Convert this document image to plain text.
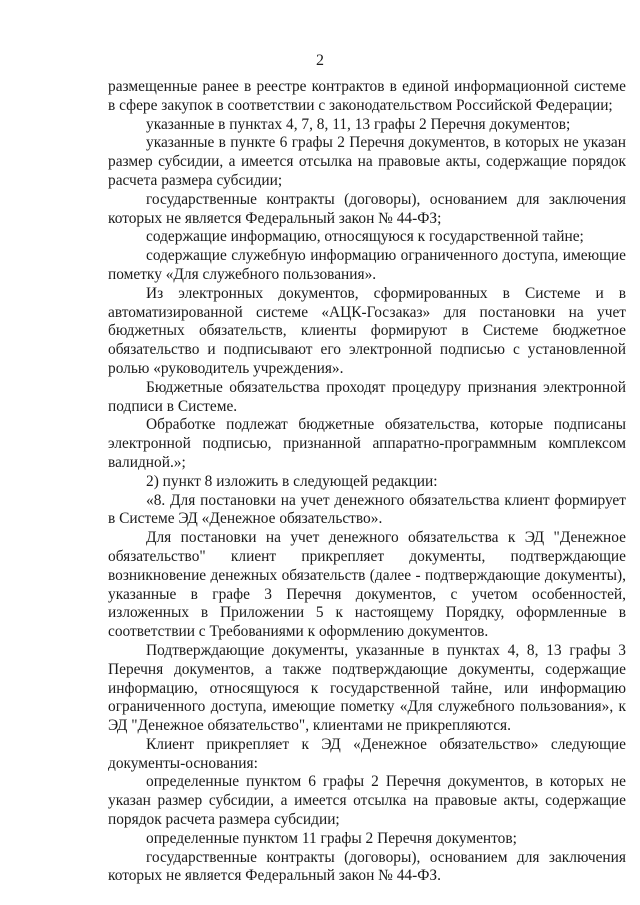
2

размещенные ранее в реестре контрактов в единой информационной системе в сфере закупок в соответствии с законодательством Российской Федерации;

указанные в пунктах 4, 7, 8, 11, 13 графы 2 Перечня документов;

указанные в пункте 6 графы 2 Перечня документов, в которых не указан размер субсидии, а имеется отсылка на правовые акты, содержащие порядок расчета размера субсидии;

государственные контракты (договоры), основанием для заключения которых не является Федеральный закон № 44-ФЗ;

содержащие информацию, относящуюся к государственной тайне;

содержащие служебную информацию ограниченного доступа, имеющие пометку «Для служебного пользования».

Из электронных документов, сформированных в Системе и в автоматизированной системе «АЦК-Госзаказ» для постановки на учет бюджетных обязательств, клиенты формируют в Системе бюджетное обязательство и подписывают его электронной подписью с установленной ролью «руководитель учреждения».

Бюджетные обязательства проходят процедуру признания электронной подписи в Системе.

Обработке подлежат бюджетные обязательства, которые подписаны электронной подписью, признанной аппаратно-программным комплексом валидной.»;

2) пункт 8 изложить в следующей редакции:

«8. Для постановки на учет денежного обязательства клиент формирует в Системе ЭД «Денежное обязательство».

Для постановки на учет денежного обязательства к ЭД "Денежное обязательство" клиент прикрепляет документы, подтверждающие возникновение денежных обязательств (далее - подтверждающие документы), указанные в графе 3 Перечня документов, с учетом особенностей, изложенных в Приложении 5 к настоящему Порядку, оформленные в соответствии с Требованиями к оформлению документов.

Подтверждающие документы, указанные в пунктах 4, 8, 13 графы 3 Перечня документов, а также подтверждающие документы, содержащие информацию, относящуюся к государственной тайне, или информацию ограниченного доступа, имеющие пометку «Для служебного пользования», к ЭД "Денежное обязательство", клиентами не прикрепляются.

Клиент прикрепляет к ЭД «Денежное обязательство» следующие документы-основания:

определенные пунктом 6 графы 2 Перечня документов, в которых не указан размер субсидии, а имеется отсылка на правовые акты, содержащие порядок расчета размера субсидии;

определенные пунктом 11 графы 2 Перечня документов;

государственные контракты (договоры), основанием для заключения которых не является Федеральный закон № 44-ФЗ.
